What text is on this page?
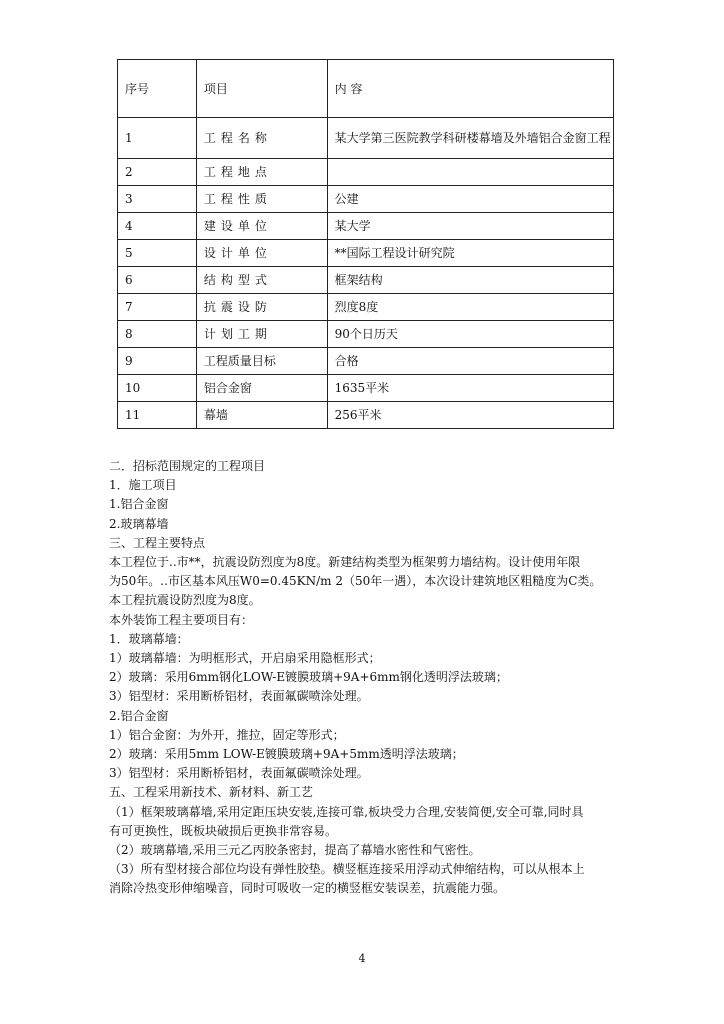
序号	项目	内 容
1	工程名称	某大学第三医院教学科研楼幕墙及外墙铝合金窗工程
2	工程地点	
3	工程性质	公建
4	建设单位	某大学
5	设计单位	**国际工程设计研究院
6	结构型式	框架结构
7	抗震设防	烈度8度
8	计划工期	90个日历天
9	工程质量目标	合格
10	铝合金窗	1635平米
11	幕墙	256平米

二．招标范围规定的工程项目

1．施工项目

1.铝合金窗

2.玻璃幕墙

三、工程主要特点

本工程位于..市**，抗震设防烈度为8度。新建结构类型为框架剪力墙结构。设计使用年限

为50年。..市区基本风压W0=0.45KN/m 2（50年一遇），本次设计建筑地区粗糙度为C类。

本工程抗震设防烈度为8度。

本外装饰工程主要项目有：

1．玻璃幕墙：

1）玻璃幕墙：为明框形式，开启扇采用隐框形式；

2）玻璃：采用6mm钢化LOW-E镀膜玻璃+9A+6mm钢化透明浮法玻璃；

3）铝型材：采用断桥铝材，表面氟碳喷涂处理。

2.铝合金窗

1）铝合金窗：为外开，推拉，固定等形式；

2）玻璃：采用5mm LOW-E镀膜玻璃+9A+5mm透明浮法玻璃；

3）铝型材：采用断桥铝材，表面氟碳喷涂处理。

五、工程采用新技术、新材料、新工艺

（1）框架玻璃幕墙,采用定距压块安装,连接可靠,板块受力合理,安装简便,安全可靠,同时具

有可更换性，既板块破损后更换非常容易。

（2）玻璃幕墙,采用三元乙丙胶条密封，提高了幕墙水密性和气密性。

（3）所有型材接合部位均设有弹性胶垫。横竖框连接采用浮动式伸缩结构，可以从根本上

消除冷热变形伸缩噪音，同时可吸收一定的横竖框安装误差，抗震能力强。

4
